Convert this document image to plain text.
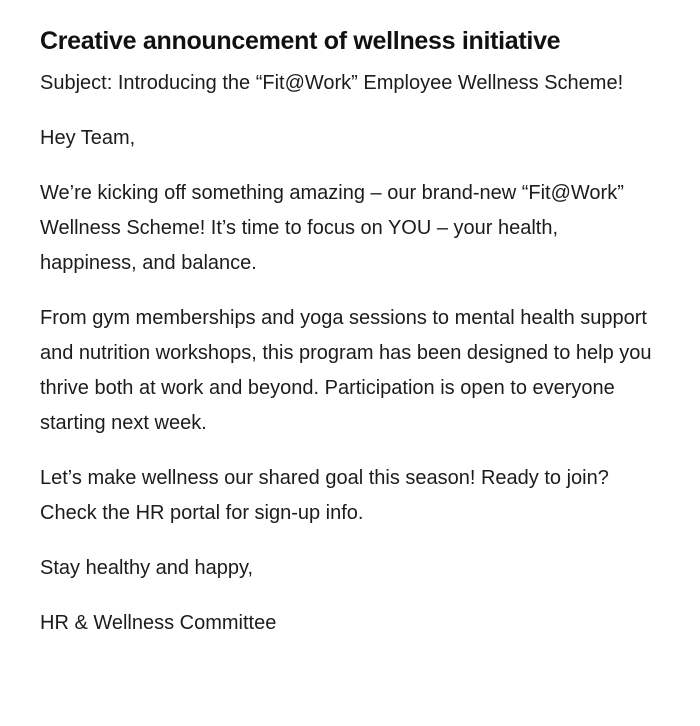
Creative announcement of wellness initiative

Subject: Introducing the “Fit@Work” Employee Wellness Scheme!

Hey Team,

We’re kicking off something amazing – our brand-new “Fit@Work” Wellness Scheme! It’s time to focus on YOU – your health, happiness, and balance.

From gym memberships and yoga sessions to mental health support and nutrition workshops, this program has been designed to help you thrive both at work and beyond. Participation is open to everyone starting next week.

Let’s make wellness our shared goal this season! Ready to join? Check the HR portal for sign-up info.

Stay healthy and happy,

HR & Wellness Committee
